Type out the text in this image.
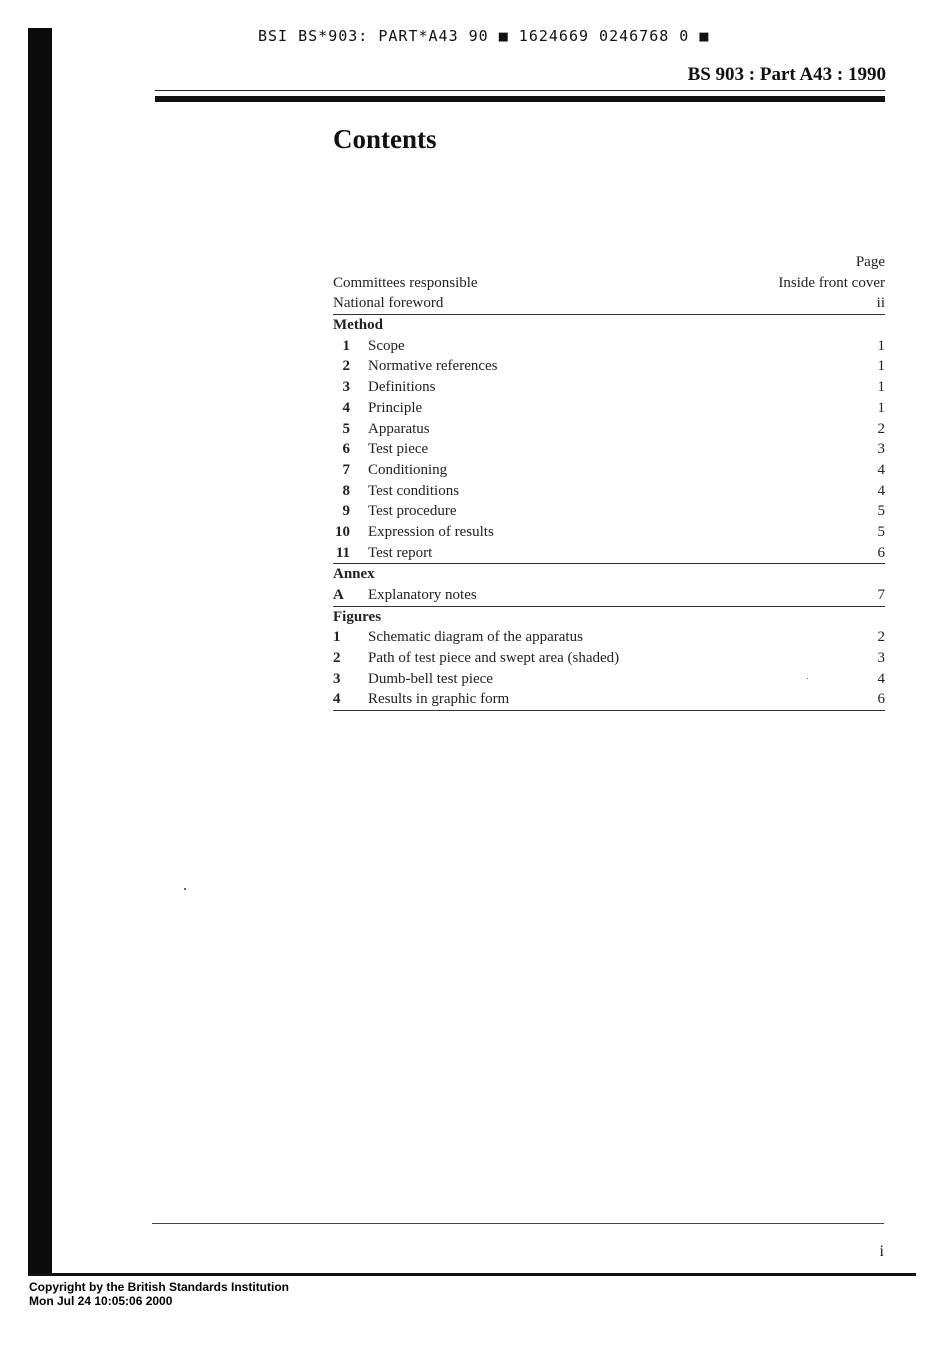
BSI BS*903: PART*A43 90 ■ 1624669 0246768 0 ■
BS 903 : Part A43 : 1990
Contents
Page
Committees responsible	Inside front cover
National foreword	ii
Method
1 Scope	1
2 Normative references	1
3 Definitions	1
4 Principle	1
5 Apparatus	2
6 Test piece	3
7 Conditioning	4
8 Test conditions	4
9 Test procedure	5
10 Expression of results	5
11 Test report	6
Annex
A	Explanatory notes	7
Figures
1	Schematic diagram of the apparatus	2
2	Path of test piece and swept area (shaded)	3
3	Dumb-bell test piece	4
4	Results in graphic form	6
i
Copyright by the British Standards Institution
Mon Jul 24 10:05:06 2000
